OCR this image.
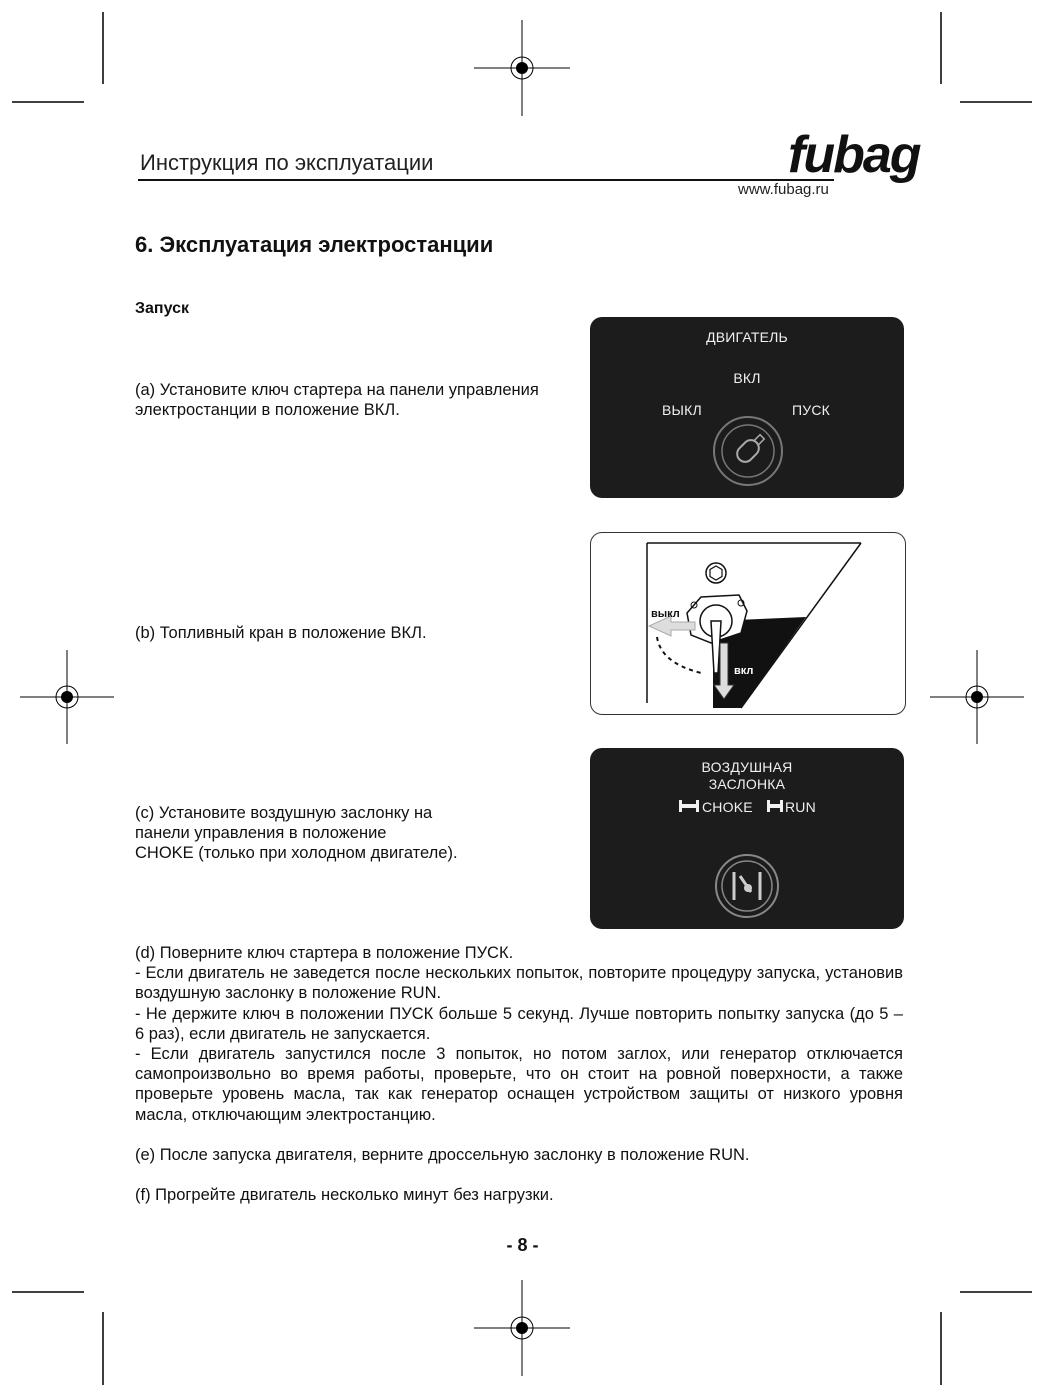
Инструкция по эксплуатации
www.fubag.ru
fubag
6. Эксплуатация электростанции
Запуск
(a) Установите ключ стартера на панели управления
электростанции в положение ВКЛ.
ДВИГАТЕЛЬ
ВКЛ
ВЫКЛ	ПУСК
(b) Топливный кран в положение ВКЛ.
выкл
вкл
(c) Установите воздушную заслонку на
панели управления в положение
CHOKE (только при холодном двигателе).
ВОЗДУШНАЯ
ЗАСЛОНКА
CHOKE RUN

(d) Поверните ключ стартера в положение ПУСК.

- Если двигатель не заведется после нескольких попыток, повторите процедуру запуска, установив воздушную заслонку в положение RUN.

- Не держите ключ в положении ПУСК больше 5 секунд. Лучше повторить попытку запуска (до 5 – 6 раз), если двигатель не запускается.

- Если двигатель запустился после 3 попыток, но потом заглох, или генератор отключается самопроизвольно во время работы, проверьте, что он стоит на ровной поверхности, а также проверьте уровень масла, так как генератор оснащен устройством защиты от низкого уровня масла, отключающим электростанцию.

(e) После запуска двигателя, верните дроссельную заслонку в положение RUN.

(f) Прогрейте двигатель несколько минут без нагрузки.

- 8 -
